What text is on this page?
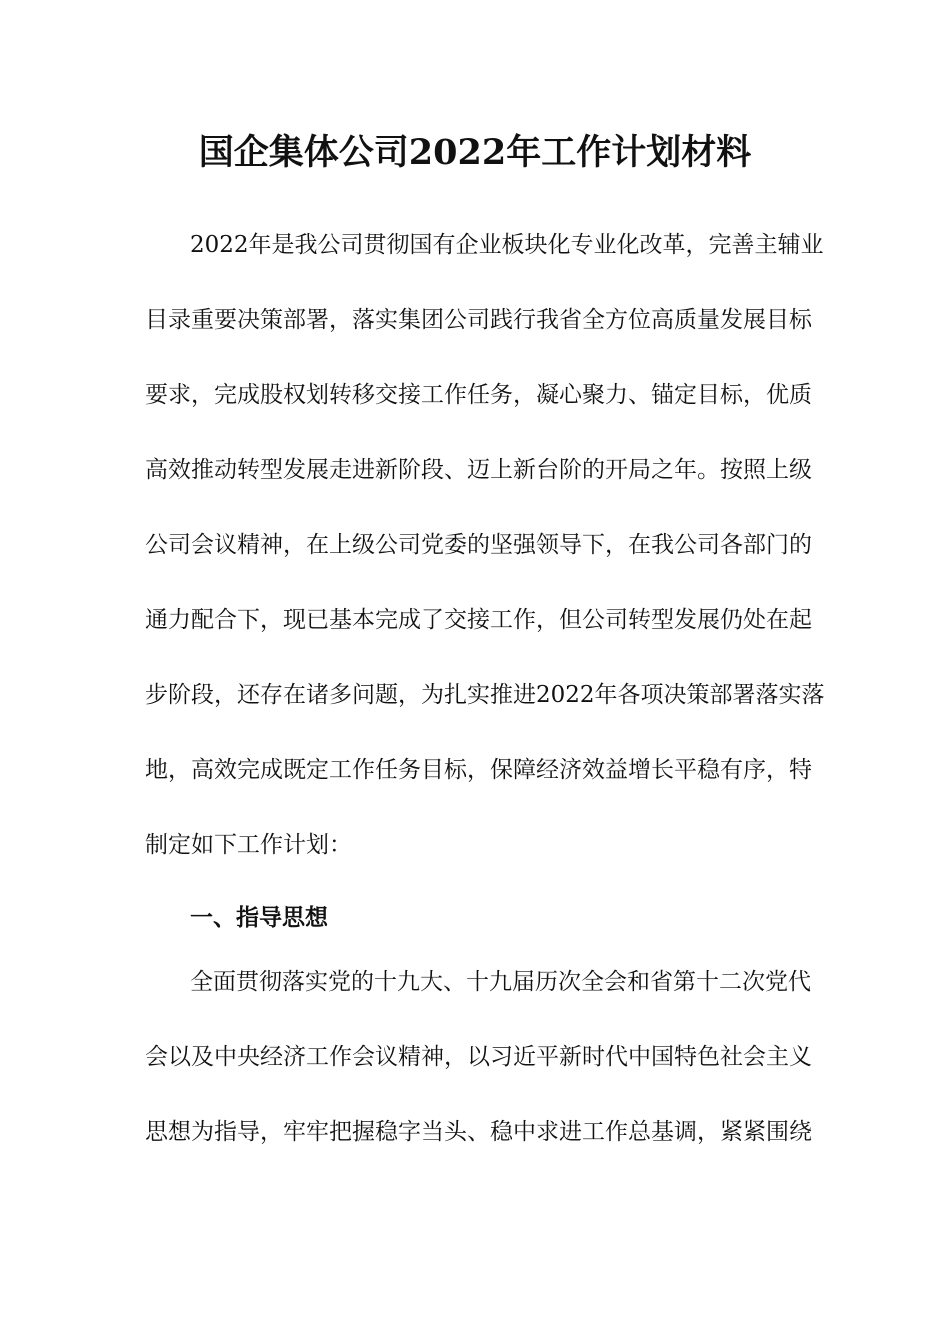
国企集体公司2022年工作计划材料

2022年是我公司贯彻国有企业板块化专业化改革，完善主辅业

目录重要决策部署，落实集团公司践行我省全方位高质量发展目标

要求，完成股权划转移交接工作任务，凝心聚力、锚定目标，优质

高效推动转型发展走进新阶段、迈上新台阶的开局之年。按照上级

公司会议精神，在上级公司党委的坚强领导下，在我公司各部门的

通力配合下，现已基本完成了交接工作，但公司转型发展仍处在起

步阶段，还存在诸多问题，为扎实推进2022年各项决策部署落实落

地，高效完成既定工作任务目标，保障经济效益增长平稳有序，特

制定如下工作计划：

一、指导思想

全面贯彻落实党的十九大、十九届历次全会和省第十二次党代

会以及中央经济工作会议精神，以习近平新时代中国特色社会主义

思想为指导，牢牢把握稳字当头、稳中求进工作总基调，紧紧围绕
